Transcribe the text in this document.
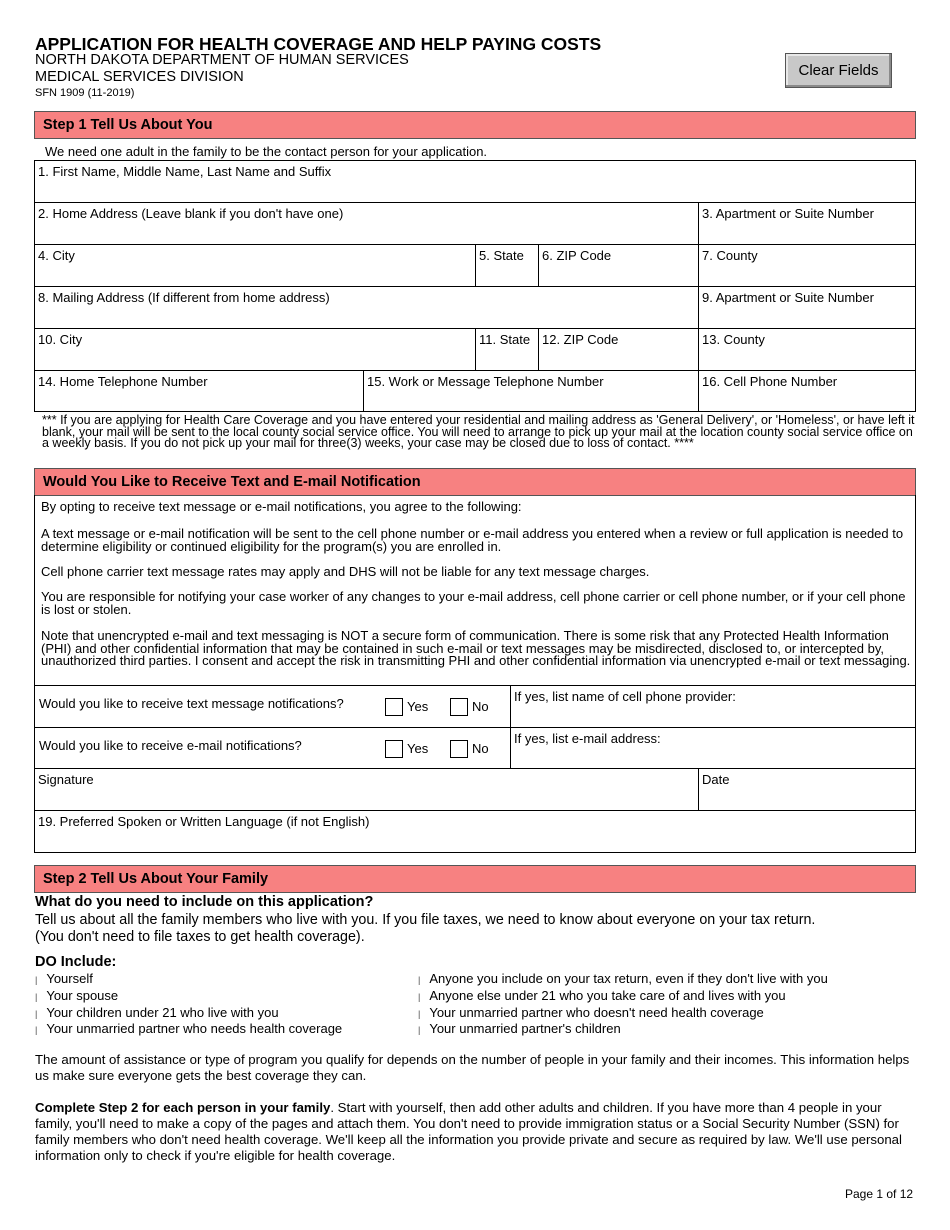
APPLICATION FOR HEALTH COVERAGE AND HELP PAYING COSTS
NORTH DAKOTA DEPARTMENT OF HUMAN SERVICES
MEDICAL SERVICES DIVISION
SFN 1909 (11-2019)
Clear Fields
Step 1 Tell Us About You
We need one adult in the family to be the contact person for your application.
1. First Name, Middle Name, Last Name and Suffix
2. Home Address (Leave blank if you don't have one)	3. Apartment or Suite Number
4. City	5. State	6. ZIP Code	7. County
8. Mailing Address (If different from home address)	9. Apartment or Suite Number
10. City	11. State 12. ZIP Code	13. County
14. Home Telephone Number	15. Work or Message Telephone Number	16. Cell Phone Number
*** If you are applying for Health Care Coverage and you have entered your residential and mailing address as 'General Delivery', or 'Homeless', or have left it blank, your mail will be sent to the local county social service office. You will need to arrange to pick up your mail at the location county social service office on a weekly basis. If you do not pick up your mail for three(3) weeks, your case may be closed due to loss of contact. ****
Would You Like to Receive Text and E-mail Notification
By opting to receive text message or e-mail notifications, you agree to the following:
A text message or e-mail notification will be sent to the cell phone number or e-mail address you entered when a review or full application is needed to determine eligibility or continued eligibility for the program(s) you are enrolled in.
Cell phone carrier text message rates may apply and DHS will not be liable for any text message charges.
You are responsible for notifying your case worker of any changes to your e-mail address, cell phone carrier or cell phone number, or if your cell phone is lost or stolen.
Note that unencrypted e-mail and text messaging is NOT a secure form of communication. There is some risk that any Protected Health Information (PHI) and other confidential information that may be contained in such e-mail or text messages may be misdirected, disclosed to, or intercepted by, unauthorized third parties. I consent and accept the risk in transmitting PHI and other confidential information via unencrypted e-mail or text messaging.
Would you like to receive text message notifications?	Yes	No
If yes, list name of cell phone provider:
Would you like to receive e-mail notifications?	Yes	No
If yes, list e-mail address:
Signature	Date
19. Preferred Spoken or Written Language (if not English)
Step 2 Tell Us About Your Family
What do you need to include on this application?
Tell us about all the family members who live with you. If you file taxes, we need to know about everyone on your tax return.
(You don't need to file taxes to get health coverage).
DO Include:
| Yourself
| Your spouse
| Your children under 21 who live with you
| Your unmarried partner who needs health coverage
| Anyone you include on your tax return, even if they don't live with you
| Anyone else under 21 who you take care of and lives with you
| Your unmarried partner who doesn't need health coverage
| Your unmarried partner's children
The amount of assistance or type of program you qualify for depends on the number of people in your family and their incomes. This information helps us make sure everyone gets the best coverage they can.
Complete Step 2 for each person in your family. Start with yourself, then add other adults and children. If you have more than 4 people in your family, you'll need to make a copy of the pages and attach them. You don't need to provide immigration status or a Social Security Number (SSN) for family members who don't need health coverage. We'll keep all the information you provide private and secure as required by law. We'll use personal information only to check if you're eligible for health coverage.
Page 1 of 12
